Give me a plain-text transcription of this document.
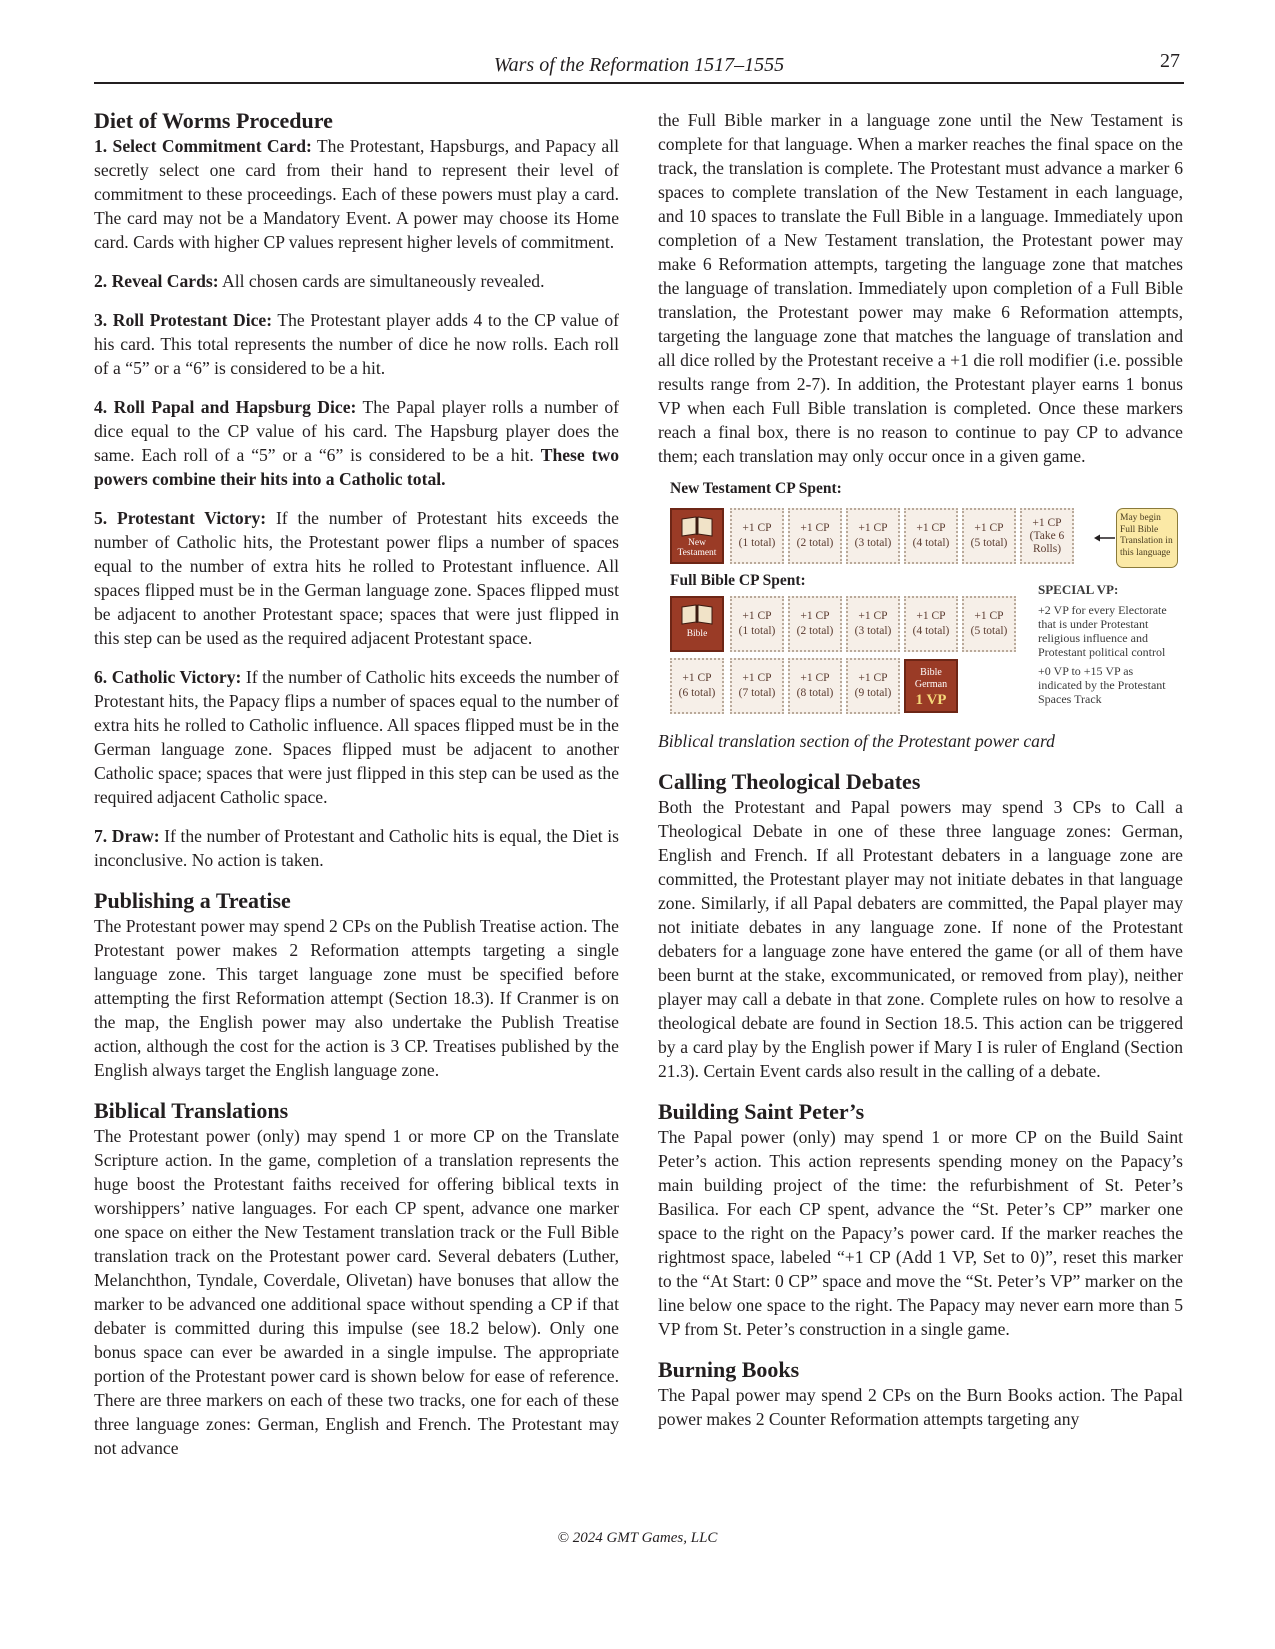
Wars of the Reformation 1517–1555	27
Diet of Worms Procedure

1. Select Commitment Card: The Protestant, Hapsburgs, and Papacy all secretly select one card from their hand to represent their level of commitment to these proceedings. Each of these powers must play a card. The card may not be a Mandatory Event. A power may choose its Home card. Cards with higher CP values represent higher levels of commitment.

2. Reveal Cards: All chosen cards are simultaneously revealed.

3. Roll Protestant Dice: The Protestant player adds 4 to the CP value of his card. This total represents the number of dice he now rolls. Each roll of a “5” or a “6” is considered to be a hit.

4. Roll Papal and Hapsburg Dice: The Papal player rolls a number of dice equal to the CP value of his card. The Hapsburg player does the same. Each roll of a “5” or a “6” is considered to be a hit. These two powers combine their hits into a Catholic total.

5. Protestant Victory: If the number of Protestant hits exceeds the number of Catholic hits, the Protestant power flips a number of spaces equal to the number of extra hits he rolled to Protestant influence. All spaces flipped must be in the German language zone. Spaces flipped must be adjacent to another Protestant space; spaces that were just flipped in this step can be used as the required adjacent Protestant space.

6. Catholic Victory: If the number of Catholic hits exceeds the number of Protestant hits, the Papacy flips a number of spaces equal to the number of extra hits he rolled to Catholic influence. All spaces flipped must be in the German language zone. Spaces flipped must be adjacent to another Catholic space; spaces that were just flipped in this step can be used as the required adjacent Catholic space.

7. Draw: If the number of Protestant and Catholic hits is equal, the Diet is inconclusive. No action is taken.

Publishing a Treatise

The Protestant power may spend 2 CPs on the Publish Treatise action. The Protestant power makes 2 Reformation attempts targeting a single language zone. This target language zone must be specified before attempting the first Reformation attempt (Section 18.3). If Cranmer is on the map, the English power may also undertake the Publish Treatise action, although the cost for the action is 3 CP. Treatises published by the English always target the English language zone.

Biblical Translations

The Protestant power (only) may spend 1 or more CP on the Translate Scripture action. In the game, completion of a translation represents the huge boost the Protestant faiths received for offering biblical texts in worshippers’ native languages. For each CP spent, advance one marker one space on either the New Testament translation track or the Full Bible translation track on the Protestant power card. Several debaters (Luther, Melanchthon, Tyndale, Coverdale, Olivetan) have bonuses that allow the marker to be advanced one additional space without spending a CP if that debater is committed during this impulse (see 18.2 below). Only one bonus space can ever be awarded in a single impulse. The appropriate portion of the Protestant power card is shown below for ease of reference. There are three markers on each of these two tracks, one for each of these three language zones: German, English and French. The Protestant may not advance

the Full Bible marker in a language zone until the New Testament is complete for that language. When a marker reaches the final space on the track, the translation is complete. The Protestant must advance a marker 6 spaces to complete translation of the New Testament in each language, and 10 spaces to translate the Full Bible in a language. Immediately upon completion of a New Testament translation, the Protestant power may make 6 Reformation attempts, targeting the language zone that matches the language of translation. Immediately upon completion of a Full Bible translation, the Protestant power may make 6 Reformation attempts, targeting the language zone that matches the language of translation and all dice rolled by the Protestant receive a +1 die roll modifier (i.e. possible results range from 2-7). In addition, the Protestant player earns 1 bonus VP when each Full Bible translation is completed. Once these markers reach a final box, there is no reason to continue to pay CP to advance them; each translation may only occur once in a given game.

New Testament CP Spent:
New Testament
+1 CP
(1 total)
+1 CP
(2 total)
+1 CP
(3 total)
+1 CP
(4 total)
+1 CP
(5 total)
+1 CP
(Take 6
Rolls)
May begin Full Bible Translation in this language
Full Bible CP Spent:
Bible
+1 CP
(1 total)
+1 CP
(2 total)
+1 CP
(3 total)
+1 CP
(4 total)
+1 CP
(5 total)
+1 CP
(6 total)
+1 CP
(7 total)
+1 CP
(8 total)
+1 CP
(9 total)
Bible
German
1 VP
SPECIAL VP:
+2 VP for every Electorate that is under Protestant religious influence and Protestant political control
+0 VP to +15 VP as indicated by the Protestant Spaces Track
Biblical translation section of the Protestant power card
Calling Theological Debates

Both the Protestant and Papal powers may spend 3 CPs to Call a Theological Debate in one of these three language zones: German, English and French. If all Protestant debaters in a language zone are committed, the Protestant player may not initiate debates in that language zone. Similarly, if all Papal debaters are committed, the Papal player may not initiate debates in any language zone. If none of the Protestant debaters for a language zone have entered the game (or all of them have been burnt at the stake, excommunicated, or removed from play), neither player may call a debate in that zone. Complete rules on how to resolve a theological debate are found in Section 18.5. This action can be triggered by a card play by the English power if Mary I is ruler of England (Section 21.3). Certain Event cards also result in the calling of a debate.

Building Saint Peter’s

The Papal power (only) may spend 1 or more CP on the Build Saint Peter’s action. This action represents spending money on the Papacy’s main building project of the time: the refurbishment of St. Peter’s Basilica. For each CP spent, advance the “St. Peter’s CP” marker one space to the right on the Papacy’s power card. If the marker reaches the rightmost space, labeled “+1 CP (Add 1 VP, Set to 0)”, reset this marker to the “At Start: 0 CP” space and move the “St. Peter’s VP” marker on the line below one space to the right. The Papacy may never earn more than 5 VP from St. Peter’s construction in a single game.

Burning Books

The Papal power may spend 2 CPs on the Burn Books action. The Papal power makes 2 Counter Reformation attempts targeting any

© 2024 GMT Games, LLC
